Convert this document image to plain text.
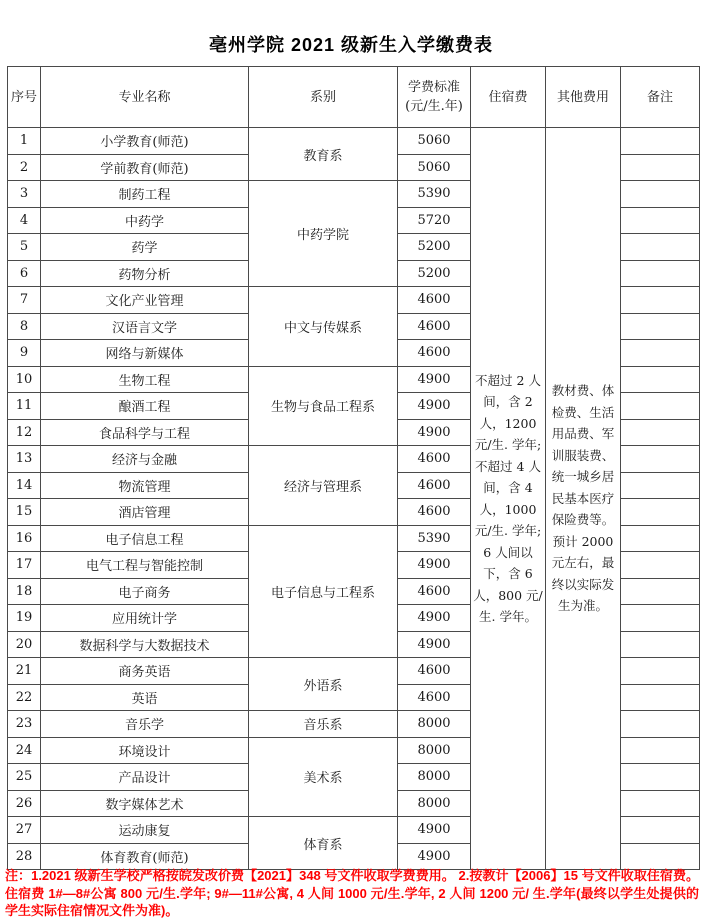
亳州学院 2021 级新生入学缴费表
序号	专业名称	系别	学费标准(元/生.年)	住宿费	其他费用	备注
1	小学教育(师范)	教育系	5060	不超过 2 人间，含 2 人，1200 元/生. 学年; 不超过 4 人间，含 4 人，1000 元/生. 学年; 6 人间以下，含 6 人，800 元/生. 学年。	教材费、体检费、生活用品费、军训服装费、统一城乡居民基本医疗保险费等。预计 2000 元左右，最终以实际发生为准。	
2	学前教育(师范)		5060			
3	制药工程	中药学院	5390			
4	中药学		5720			
5	药学		5200			
6	药物分析		5200			
7	文化产业管理	中文与传媒系	4600			
8	汉语言文学		4600			
9	网络与新媒体		4600			
10	生物工程	生物与食品工程系	4900			
11	酿酒工程		4900			
12	食品科学与工程		4900			
13	经济与金融	经济与管理系	4600			
14	物流管理		4600			
15	酒店管理		4600			
16	电子信息工程	电子信息与工程系	5390			
17	电气工程与智能控制		4900			
18	电子商务		4600			
19	应用统计学		4900			
20	数据科学与大数据技术		4900			
21	商务英语	外语系	4600			
22	英语		4600			
23	音乐学	音乐系	8000			
24	环境设计	美术系	8000			
25	产品设计		8000			
26	数字媒体艺术		8000			
27	运动康复	体育系	4900			
28	体育教育(师范)		4900			
注：1.2021 级新生学校严格按皖发改价费【2021】348 号文件收取学费费用。 2.按教计【2006】15 号文件收取住宿费。住宿费 1#—8#公寓 800 元/生.学年; 9#—11#公寓, 4 人间 1000 元/生.学年, 2 人间 1200 元/ 生.学年(最终以学生处提供的学生实际住宿情况文件为准)。
